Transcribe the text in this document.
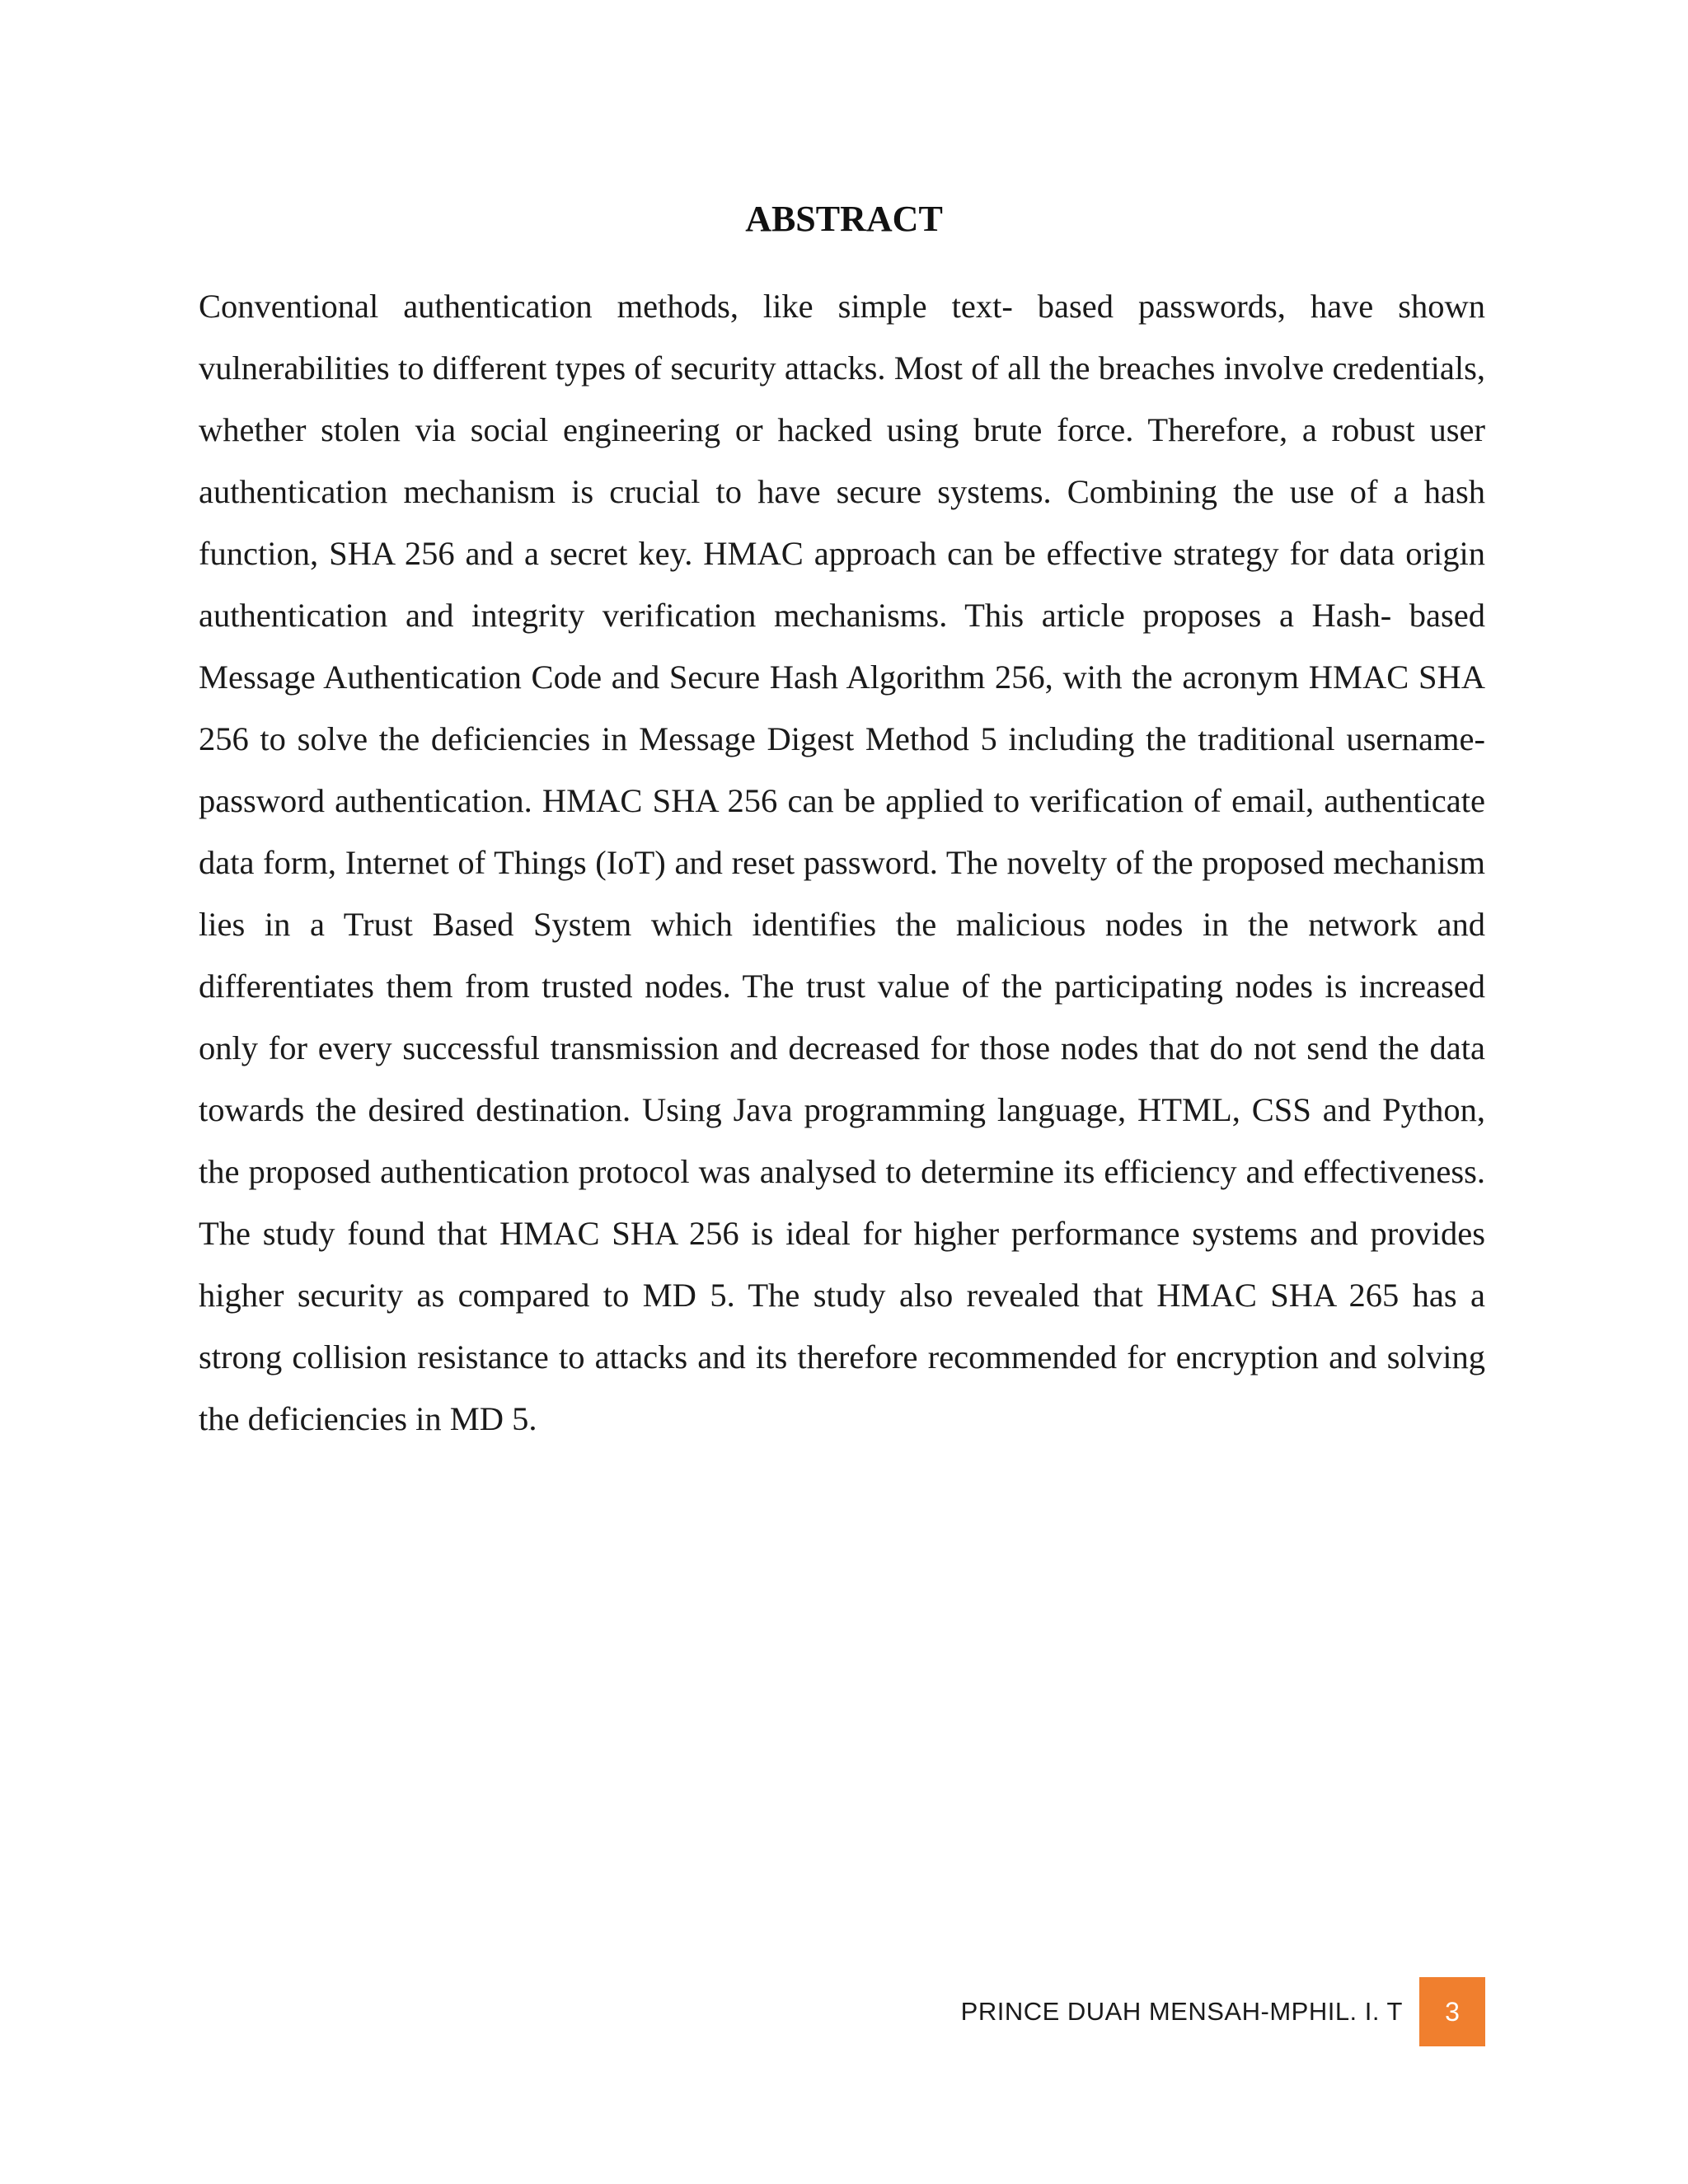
ABSTRACT
Conventional authentication methods, like simple text- based passwords, have shown vulnerabilities to different types of security attacks. Most of all the breaches involve credentials, whether stolen via social engineering or hacked using brute force. Therefore, a robust user authentication mechanism is crucial to have secure systems. Combining the use of a hash function, SHA 256 and a secret key. HMAC approach can be effective strategy for data origin authentication and integrity verification mechanisms. This article proposes a Hash- based Message Authentication Code and Secure Hash Algorithm 256, with the acronym HMAC SHA 256 to solve the deficiencies in Message Digest Method 5 including the traditional username- password authentication. HMAC SHA 256 can be applied to verification of email, authenticate data form, Internet of Things (IoT) and reset password. The novelty of the proposed mechanism lies in a Trust Based System which identifies the malicious nodes in the network and differentiates them from trusted nodes. The trust value of the participating nodes is increased only for every successful transmission and decreased for those nodes that do not send the data towards the desired destination. Using Java programming language, HTML, CSS and Python, the proposed authentication protocol was analysed to determine its efficiency and effectiveness. The study found that HMAC SHA 256 is ideal for higher performance systems and provides higher security as compared to MD 5. The study also revealed that HMAC SHA 265 has a strong collision resistance to attacks and its therefore recommended for encryption and solving the deficiencies in MD 5.
PRINCE DUAH MENSAH-MPHIL. I. T	3
